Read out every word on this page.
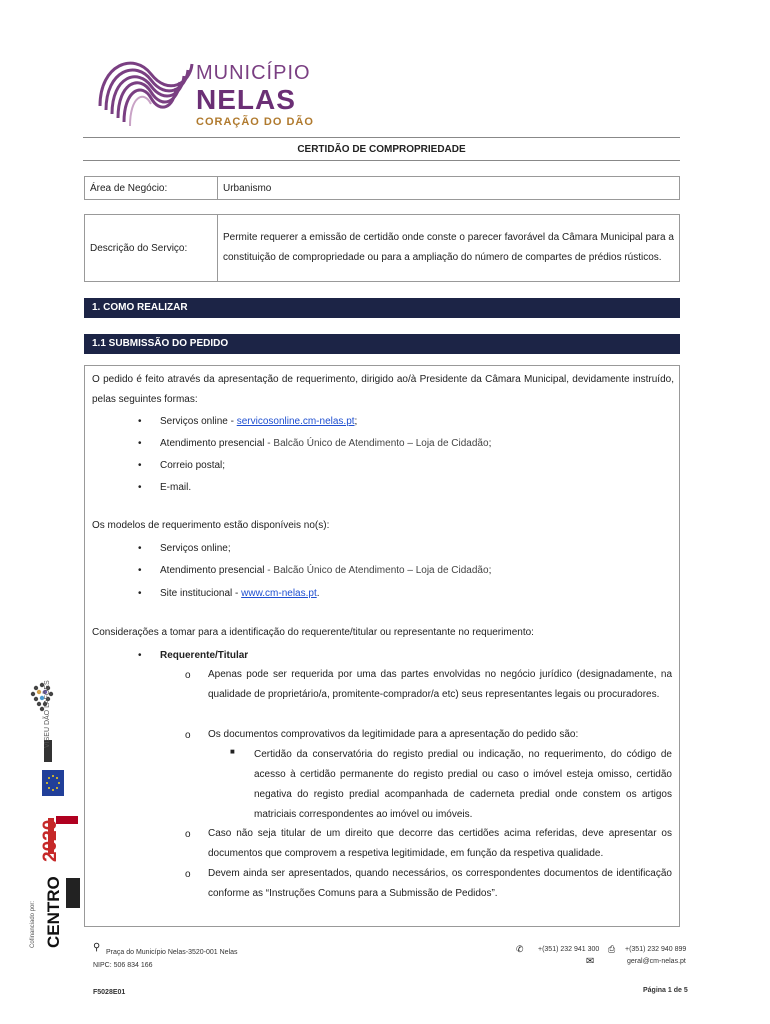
MUNICÍPIO
NELAS
CORAÇÃO DO DÃO
CERTIDÃO DE COMPROPRIEDADE
Área de Negócio:	Urbanismo
Descrição do Serviço:	Permite requerer a emissão de certidão onde conste o parecer favorável da Câmara Municipal para a constituição de compropriedade ou para a ampliação do número de compartes de prédios rústicos.
1. COMO REALIZAR
1.1 SUBMISSÃO DO PEDIDO
O pedido é feito através da apresentação de requerimento, dirigido ao/à Presidente da Câmara Municipal, devidamente instruído, pelas seguintes formas:
• Serviços online - servicosonline.cm-nelas.pt;
• Atendimento presencial - Balcão Único de Atendimento – Loja de Cidadão;
• Correio postal;
• E-mail.
Os modelos de requerimento estão disponíveis no(s):
• Serviços online;
• Atendimento presencial - Balcão Único de Atendimento – Loja de Cidadão;
• Site institucional - www.cm-nelas.pt.
Considerações a tomar para a identificação do requerente/titular ou representante no requerimento:
• Requerente/Titular
o Apenas pode ser requerida por uma das partes envolvidas no negócio jurídico (designadamente, na qualidade de proprietário/a, promitente-comprador/a etc) seus representantes legais ou procuradores.
o Os documentos comprovativos da legitimidade para a apresentação do pedido são:
■ Certidão da conservatória do registo predial ou indicação, no requerimento, do código de acesso à certidão permanente do registo predial ou caso o imóvel esteja omisso, certidão negativa do registo predial acompanhada de caderneta predial onde constem os artigos matriciais correspondentes ao imóvel ou imóveis.
o Caso não seja titular de um direito que decorre das certidões acima referidas, deve apresentar os documentos que comprovem a respetiva legitimidade, em função da respetiva qualidade.
o Devem ainda ser apresentados, quando necessários, os correspondentes documentos de identificação conforme as “Instruções Comuns para a Submissão de Pedidos”.
VISEU DÃO LAFÕES
2020
CENTRO
Cofinanciado por:	⚲ Praça do Município Nelas-3520-001 Nelas
NIPC: 506 834 166
✆ +(351) 232 941 300 ⎙ +(351) 232 940 899
✉	geral@cm-nelas.pt
F5028E01	Página 1 de 5
